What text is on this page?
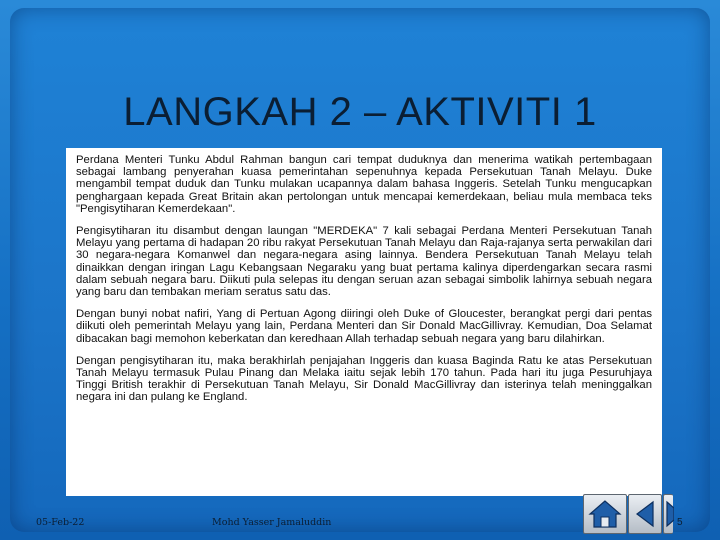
LANGKAH 2 – AKTIVITI 1

Perdana Menteri Tunku Abdul Rahman bangun cari tempat duduknya dan menerima watikah pertembagaan sebagai lambang penyerahan kuasa pemerintahan sepenuhnya kepada Persekutuan Tanah Melayu. Duke mengambil tempat duduk dan Tunku mulakan ucapannya dalam bahasa Inggeris. Setelah Tunku mengucapkan penghargaan kepada Great Britain akan pertolongan untuk mencapai kemerdekaan, beliau mula membaca teks "Pengisytiharan Kemerdekaan".

Pengisytiharan itu disambut dengan laungan "MERDEKA" 7 kali sebagai Perdana Menteri Persekutuan Tanah Melayu yang pertama di hadapan 20 ribu rakyat Persekutuan Tanah Melayu dan Raja-rajanya serta perwakilan dari 30 negara-negara Komanwel dan negara-negara asing lainnya. Bendera Persekutuan Tanah Melayu telah dinaikkan dengan iringan Lagu Kebangsaan Negaraku yang buat pertama kalinya diperdengarkan secara rasmi dalam sebuah negara baru. Diikuti pula selepas itu dengan seruan azan sebagai simbolik lahirnya sebuah negara yang baru dan tembakan meriam seratus satu das.

Dengan bunyi nobat nafiri, Yang di Pertuan Agong diiringi oleh Duke of Gloucester, berangkat pergi dari pentas diikuti oleh pemerintah Melayu yang lain, Perdana Menteri dan Sir Donald MacGillivray. Kemudian, Doa Selamat dibacakan bagi memohon keberkatan dan keredhaan Allah terhadap sebuah negara yang baru dilahirkan.

Dengan pengisytiharan itu, maka berakhirlah penjajahan Inggeris dan kuasa Baginda Ratu ke atas Persekutuan Tanah Melayu termasuk Pulau Pinang dan Melaka iaitu sejak lebih 170 tahun. Pada hari itu juga Pesuruhjaya Tinggi British terakhir di Persekutuan Tanah Melayu, Sir Donald MacGillivray dan isterinya telah meninggalkan negara ini dan pulang ke England.

05-Feb-22	Mohd Yasser Jamaluddin	5
